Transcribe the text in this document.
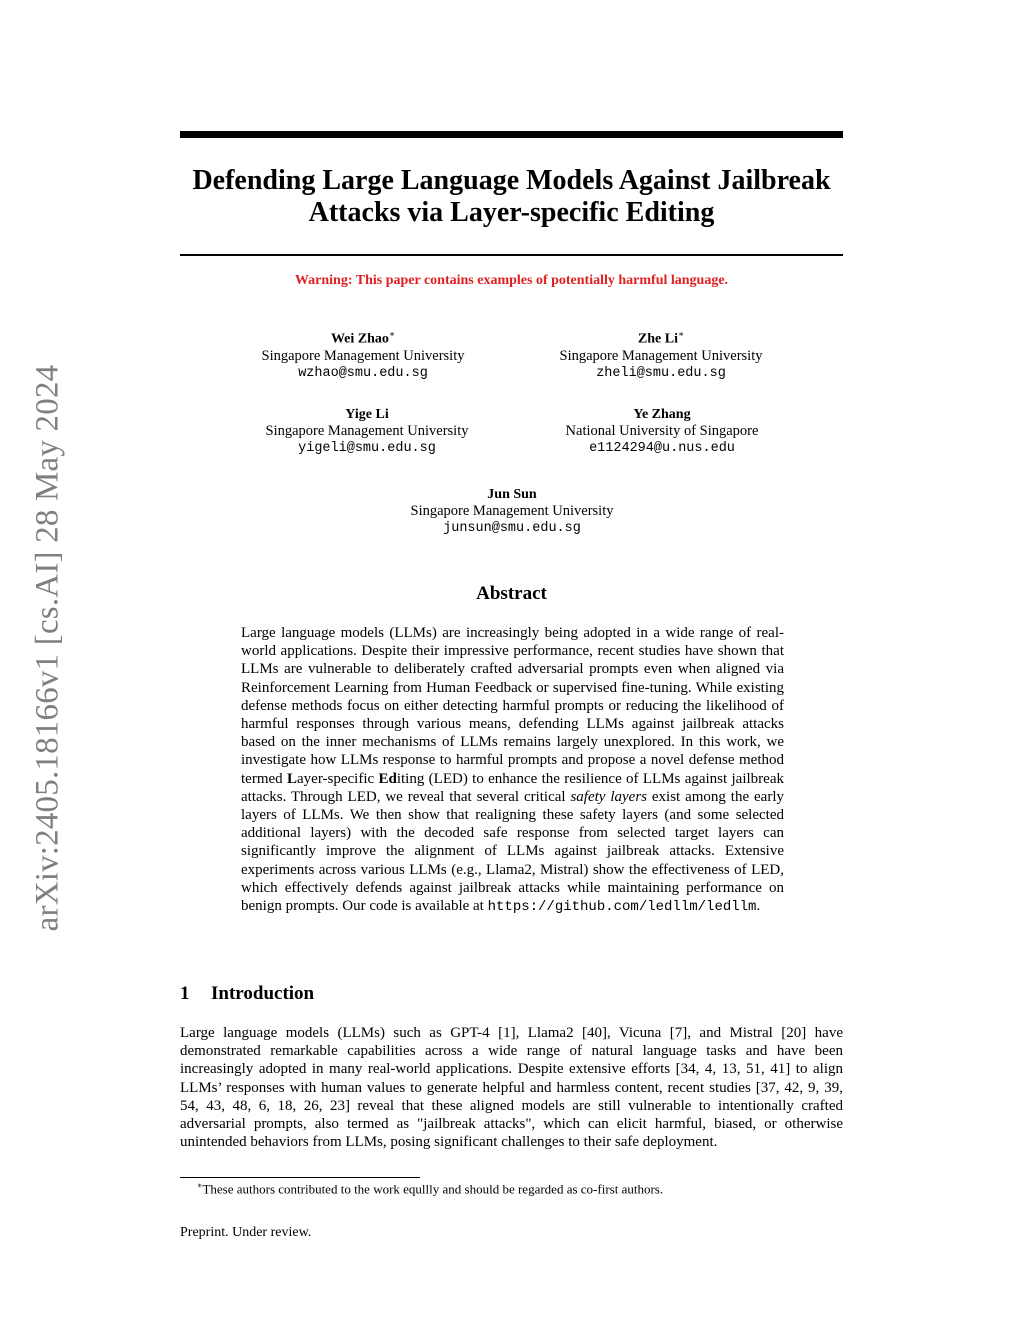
arXiv:2405.18166v1 [cs.AI] 28 May 2024
Defending Large Language Models Against Jailbreak
Attacks via Layer-specific Editing
Warning: This paper contains examples of potentially harmful language.
Wei Zhao∗
Singapore Management University
wzhao@smu.edu.sg
Zhe Li∗
Singapore Management University
zheli@smu.edu.sg
Yige Li
Singapore Management University
yigeli@smu.edu.sg
Ye Zhang
National University of Singapore
e1124294@u.nus.edu
Jun Sun
Singapore Management University
junsun@smu.edu.sg
Abstract

Large language models (LLMs) are increasingly being adopted in a wide range of real-world applications. Despite their impressive performance, recent studies have shown that LLMs are vulnerable to deliberately crafted adversarial prompts even when aligned via Reinforcement Learning from Human Feedback or supervised fine-tuning. While existing defense methods focus on either detecting harmful prompts or reducing the likelihood of harmful responses through various means, defending LLMs against jailbreak attacks based on the inner mechanisms of LLMs remains largely unexplored. In this work, we investigate how LLMs response to harmful prompts and propose a novel defense method termed Layer-specific Editing (LED) to enhance the resilience of LLMs against jailbreak attacks. Through LED, we reveal that several critical safety layers exist among the early layers of LLMs. We then show that realigning these safety layers (and some selected additional layers) with the decoded safe response from selected target layers can significantly improve the alignment of LLMs against jailbreak attacks. Extensive experiments across various LLMs (e.g., Llama2, Mistral) show the effectiveness of LED, which effectively defends against jailbreak attacks while maintaining performance on benign prompts. Our code is available at https://github.com/ledllm/ledllm.

1 Introduction

Large language models (LLMs) such as GPT-4 [1], Llama2 [40], Vicuna [7], and Mistral [20] have demonstrated remarkable capabilities across a wide range of natural language tasks and have been increasingly adopted in many real-world applications. Despite extensive efforts [34, 4, 13, 51, 41] to align LLMs’ responses with human values to generate helpful and harmless content, recent studies [37, 42, 9, 39, 54, 43, 48, 6, 18, 26, 23] reveal that these aligned models are still vulnerable to intentionally crafted adversarial prompts, also termed as "jailbreak attacks", which can elicit harmful, biased, or otherwise unintended behaviors from LLMs, posing significant challenges to their safe deployment.

∗These authors contributed to the work equllly and should be regarded as co-first authors.

Preprint. Under review.
